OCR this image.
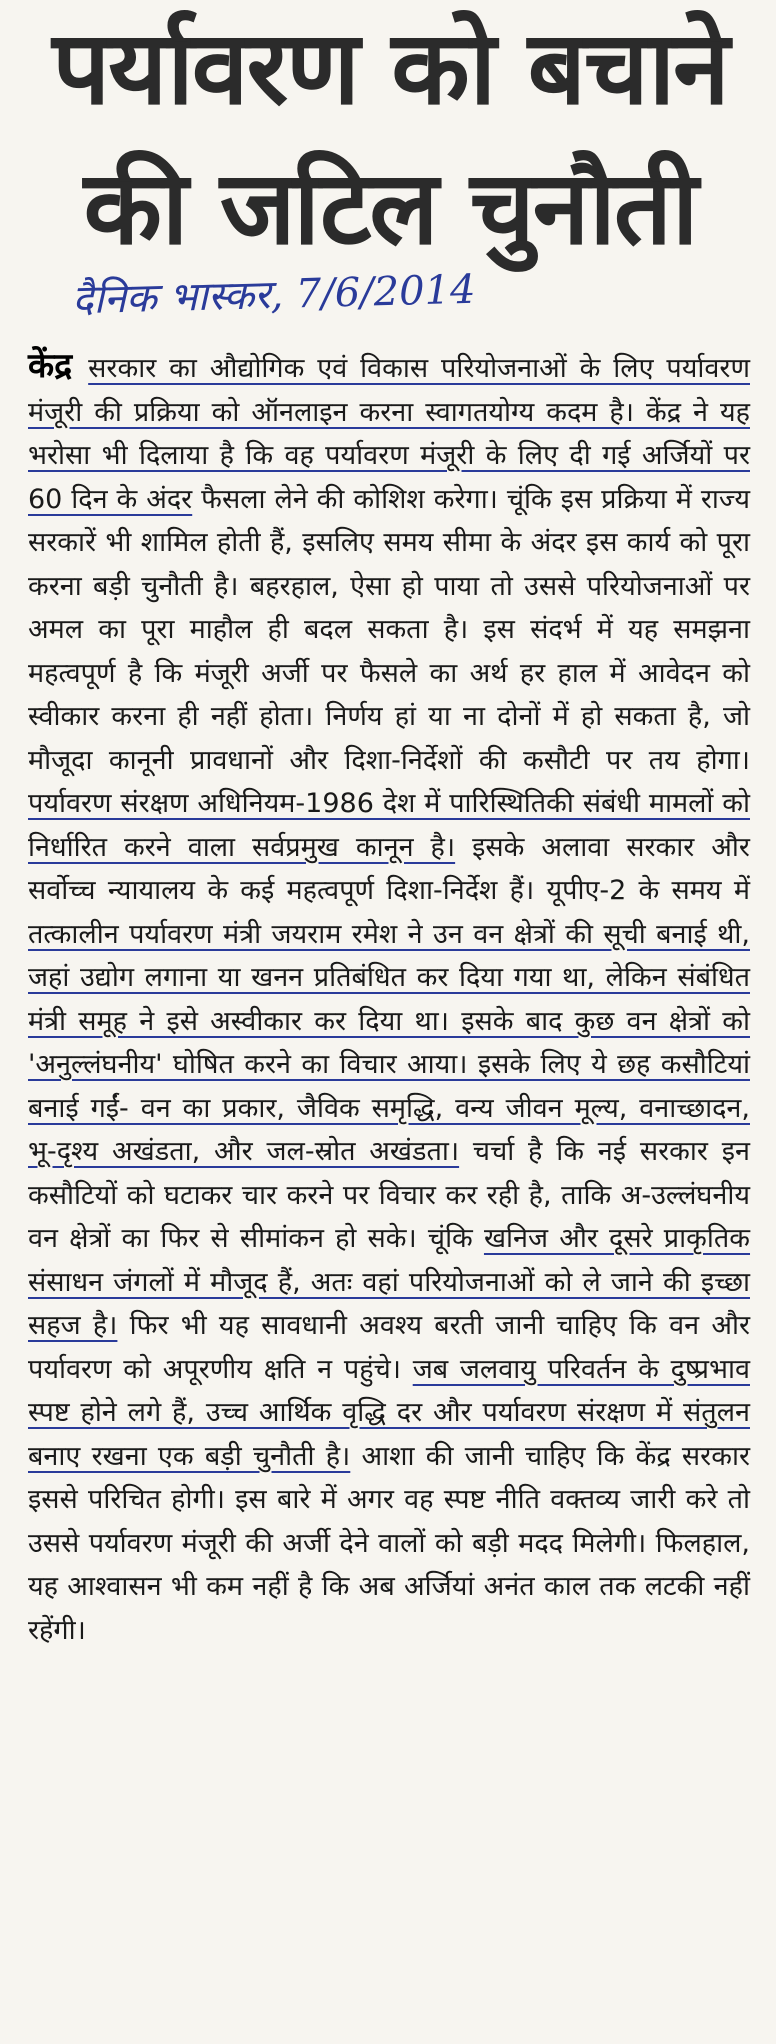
पर्यावरण को बचाने
की जटिल चुनौती
दैनिक भास्कर, 7/6/2014
केंद्र सरकार का औद्योगिक एवं विकास परियोजनाओं के लिए पर्यावरण मंजूरी की प्रक्रिया को ऑनलाइन करना स्वागतयोग्य कदम है। केंद्र ने यह भरोसा भी दिलाया है कि वह पर्यावरण मंजूरी के लिए दी गई अर्जियों पर 60 दिन के अंदर फैसला लेने की कोशिश करेगा। चूंकि इस प्रक्रिया में राज्य सरकारें भी शामिल होती हैं, इसलिए समय सीमा के अंदर इस कार्य को पूरा करना बड़ी चुनौती है। बहरहाल, ऐसा हो पाया तो उससे परियोजनाओं पर अमल का पूरा माहौल ही बदल सकता है। इस संदर्भ में यह समझना महत्वपूर्ण है कि मंजूरी अर्जी पर फैसले का अर्थ हर हाल में आवेदन को स्वीकार करना ही नहीं होता। निर्णय हां या ना दोनों में हो सकता है, जो मौजूदा कानूनी प्रावधानों और दिशा-निर्देशों की कसौटी पर तय होगा। पर्यावरण संरक्षण अधिनियम-1986 देश में पारिस्थितिकी संबंधी मामलों को निर्धारित करने वाला सर्वप्रमुख कानून है। इसके अलावा सरकार और सर्वोच्च न्यायालय के कई महत्वपूर्ण दिशा-निर्देश हैं। यूपीए-2 के समय में तत्कालीन पर्यावरण मंत्री जयराम रमेश ने उन वन क्षेत्रों की सूची बनाई थी, जहां उद्योग लगाना या खनन प्रतिबंधित कर दिया गया था, लेकिन संबंधित मंत्री समूह ने इसे अस्वीकार कर दिया था। इसके बाद कुछ वन क्षेत्रों को 'अनुल्लंघनीय' घोषित करने का विचार आया। इसके लिए ये छह कसौटियां बनाई गईं- वन का प्रकार, जैविक समृद्धि, वन्य जीवन मूल्य, वनाच्छादन, भू-दृश्य अखंडता, और जल-स्रोत अखंडता। चर्चा है कि नई सरकार इन कसौटियों को घटाकर चार करने पर विचार कर रही है, ताकि अ-उल्लंघनीय वन क्षेत्रों का फिर से सीमांकन हो सके। चूंकि खनिज और दूसरे प्राकृतिक संसाधन जंगलों में मौजूद हैं, अतः वहां परियोजनाओं को ले जाने की इच्छा सहज है। फिर भी यह सावधानी अवश्य बरती जानी चाहिए कि वन और पर्यावरण को अपूरणीय क्षति न पहुंचे। जब जलवायु परिवर्तन के दुष्प्रभाव स्पष्ट होने लगे हैं, उच्च आर्थिक वृद्धि दर और पर्यावरण संरक्षण में संतुलन बनाए रखना एक बड़ी चुनौती है। आशा की जानी चाहिए कि केंद्र सरकार इससे परिचित होगी। इस बारे में अगर वह स्पष्ट नीति वक्तव्य जारी करे तो उससे पर्यावरण मंजूरी की अर्जी देने वालों को बड़ी मदद मिलेगी। फिलहाल, यह आश्वासन भी कम नहीं है कि अब अर्जियां अनंत काल तक लटकी नहीं रहेंगी।
